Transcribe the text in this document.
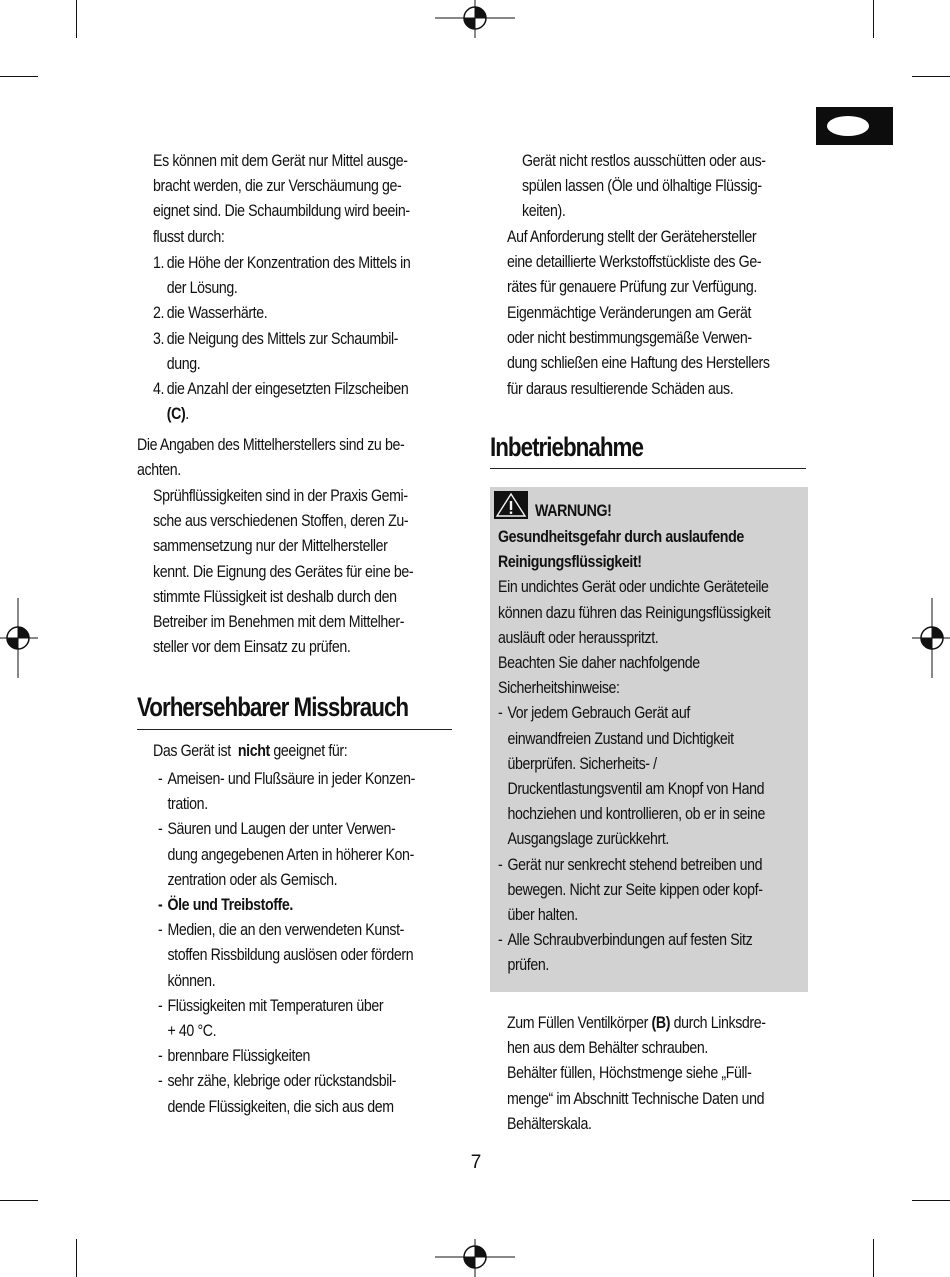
Es können mit dem Gerät nur Mittel ausge-

bracht werden, die zur Verschäumung ge-

eignet sind. Die Schaumbildung wird beein-

flusst durch:

1. die Höhe der Konzentration des Mittels in

der Lösung.

2. die Wasserhärte.

3. die Neigung des Mittels zur Schaumbil-

dung.

4. die Anzahl der eingesetzten Filzscheiben

(C).

Die Angaben des Mittelherstellers sind zu be-

achten.

Sprühflüssigkeiten sind in der Praxis Gemi-

sche aus verschiedenen Stoffen, deren Zu-

sammensetzung nur der Mittelhersteller

kennt. Die Eignung des Gerätes für eine be-

stimmte Flüssigkeit ist deshalb durch den

Betreiber im Benehmen mit dem Mittelher-

steller vor dem Einsatz zu prüfen.

Vorhersehbarer Missbrauch

Das Gerät ist nicht geeignet für:

- Ameisen- und Flußsäure in jeder Konzen-

tration.

- Säuren und Laugen der unter Verwen-

dung angegebenen Arten in höherer Kon-

zentration oder als Gemisch.

- Öle und Treibstoffe.

- Medien, die an den verwendeten Kunst-

stoffen Rissbildung auslösen oder fördern

können.

- Flüssigkeiten mit Temperaturen über

+ 40 °C.

- brennbare Flüssigkeiten

- sehr zähe, klebrige oder rückstandsbil-

dende Flüssigkeiten, die sich aus dem

Gerät nicht restlos ausschütten oder aus-

spülen lassen (Öle und ölhaltige Flüssig-

keiten).

Auf Anforderung stellt der Gerätehersteller

eine detaillierte Werkstoffstückliste des Ge-

rätes für genauere Prüfung zur Verfügung.

Eigenmächtige Veränderungen am Gerät

oder nicht bestimmungsgemäße Verwen-

dung schließen eine Haftung des Herstellers

für daraus resultierende Schäden aus.

Inbetriebnahme

WARNUNG!

Gesundheitsgefahr durch auslaufende

Reinigungsflüssigkeit!

Ein undichtes Gerät oder undichte Geräteteile

können dazu führen das Reinigungsflüssigkeit

ausläuft oder herausspritzt.

Beachten Sie daher nachfolgende

Sicherheitshinweise:

- Vor jedem Gebrauch Gerät auf

einwandfreien Zustand und Dichtigkeit

überprüfen. Sicherheits- /

Druckentlastungsventil am Knopf von Hand

hochziehen und kontrollieren, ob er in seine

Ausgangslage zurückkehrt.

- Gerät nur senkrecht stehend betreiben und

bewegen. Nicht zur Seite kippen oder kopf-

über halten.

- Alle Schraubverbindungen auf festen Sitz

prüfen.

Zum Füllen Ventilkörper (B) durch Linksdre-

hen aus dem Behälter schrauben.

Behälter füllen, Höchstmenge siehe „Füll-

menge“ im Abschnitt Technische Daten und

Behälterskala.

7
